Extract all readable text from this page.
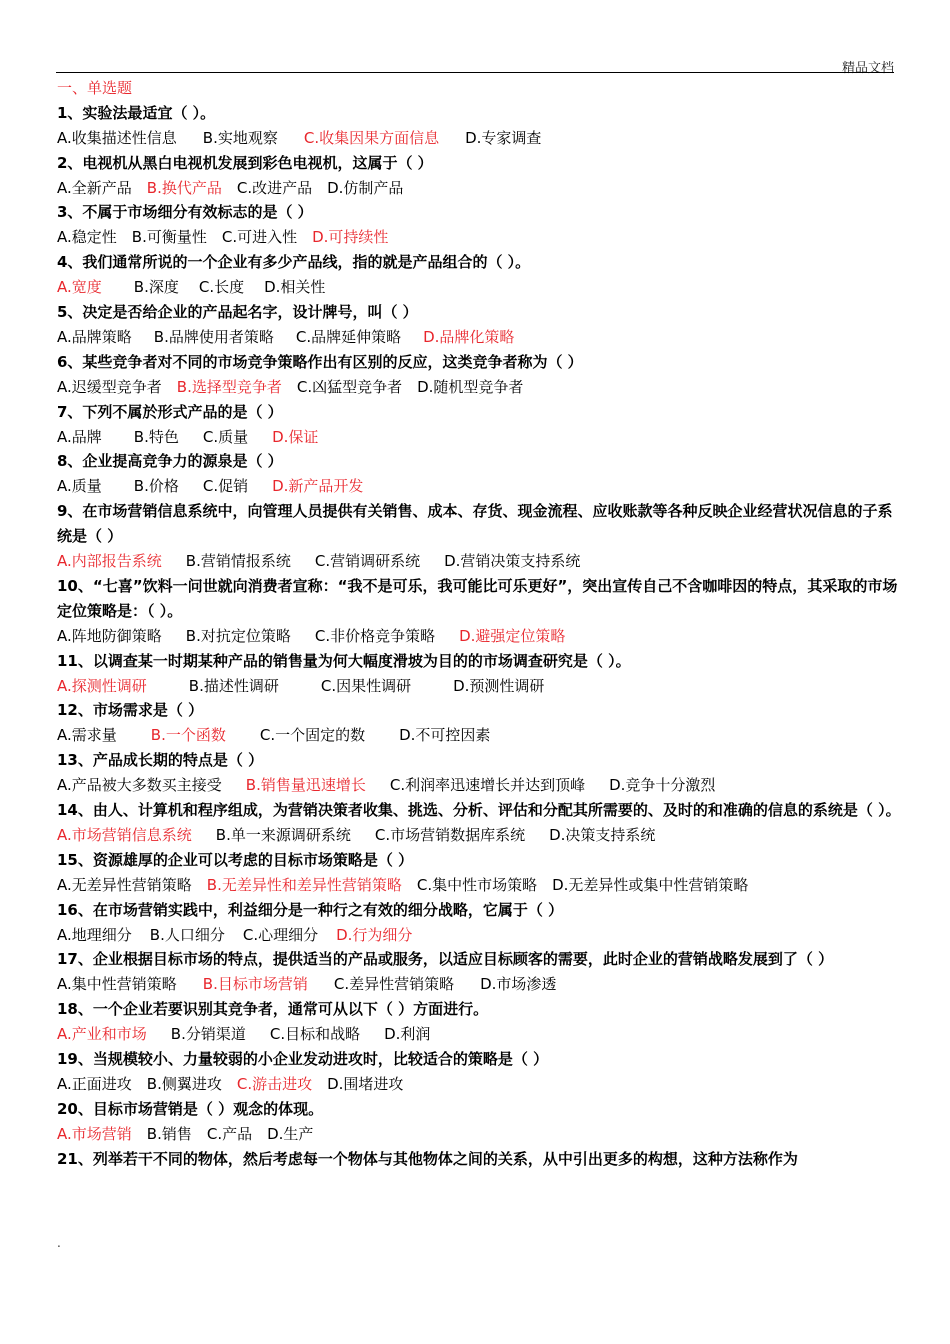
精品文档
一、单选题
1、实验法最适宜（ ）。
A.收集描述性信息 B.实地观察 C.收集因果方面信息 D.专家调查
2、电视机从黑白电视机发展到彩色电视机，这属于（ ）
A.全新产品 B.换代产品 C.改进产品 D.仿制产品
3、不属于市场细分有效标志的是（ ）
A.稳定性 B.可衡量性 C.可进入性 D.可持续性
4、我们通常所说的一个企业有多少产品线，指的就是产品组合的（ ）。
A.宽度 B.深度 C.长度 D.相关性
5、决定是否给企业的产品起名字，设计牌号，叫（ ）
A.品牌策略 B.品牌使用者策略 C.品牌延伸策略 D.品牌化策略
6、某些竞争者对不同的市场竞争策略作出有区别的反应，这类竞争者称为（ ）
A.迟缓型竞争者 B.选择型竞争者 C.凶猛型竞争者 D.随机型竞争者
7、下列不属於形式产品的是（ ）
A.品牌 B.特色 C.质量 D.保证
8、企业提高竞争力的源泉是（ ）
A.质量 B.价格 C.促销 D.新产品开发
9、在市场营销信息系统中，向管理人员提供有关销售、成本、存货、现金流程、应收账款等各种反映企业经营状况信息的子系统是（ ）
A.内部报告系统 B.营销情报系统 C.营销调研系统 D.营销决策支持系统
10、“七喜”饮料一问世就向消费者宣称：“我不是可乐，我可能比可乐更好”，突出宣传自己不含咖啡因的特点，其采取的市场定位策略是：（ ）。
A.阵地防御策略 B.对抗定位策略 C.非价格竞争策略 D.避强定位策略
11、以调查某一时期某种产品的销售量为何大幅度滑坡为目的的市场调查研究是（ ）。
A.探测性调研	B.描述性调研	C.因果性调研	D.预测性调研
12、市场需求是（ ）
A.需求量 B.一个函数 C.一个固定的数 D.不可控因素
13、产品成长期的特点是（ ）
A.产品被大多数买主接受 B.销售量迅速增长 C.利润率迅速增长并达到顶峰 D.竞争十分激烈
14、由人、计算机和程序组成，为营销决策者收集、挑选、分析、评估和分配其所需要的、及时的和准确的信息的系统是（ ）。
A.市场营销信息系统 B.单一来源调研系统 C.市场营销数据库系统 D.决策支持系统
15、资源雄厚的企业可以考虑的目标市场策略是（ ）
A.无差异性营销策略 B.无差异性和差异性营销策略 C.集中性市场策略 D.无差异性或集中性营销策略
16、在市场营销实践中，利益细分是一种行之有效的细分战略，它属于（ ）
A.地理细分 B.人口细分 C.心理细分 D.行为细分
17、企业根据目标市场的特点，提供适当的产品或服务，以适应目标顾客的需要，此时企业的营销战略发展到了（ ）
A.集中性营销策略 B.目标市场营销 C.差异性营销策略 D.市场渗透
18、一个企业若要识别其竞争者，通常可从以下（ ）方面进行。
A.产业和市场 B.分销渠道 C.目标和战略 D.利润
19、当规模较小、力量较弱的小企业发动进攻时，比较适合的策略是（ ）
A.正面进攻 B.侧翼进攻 C.游击进攻 D.围堵进攻
20、目标市场营销是（ ）观念的体现。
A.市场营销 B.销售 C.产品 D.生产
21、列举若干不同的物体，然后考虑每一个物体与其他物体之间的关系，从中引出更多的构想，这种方法称作为
.
